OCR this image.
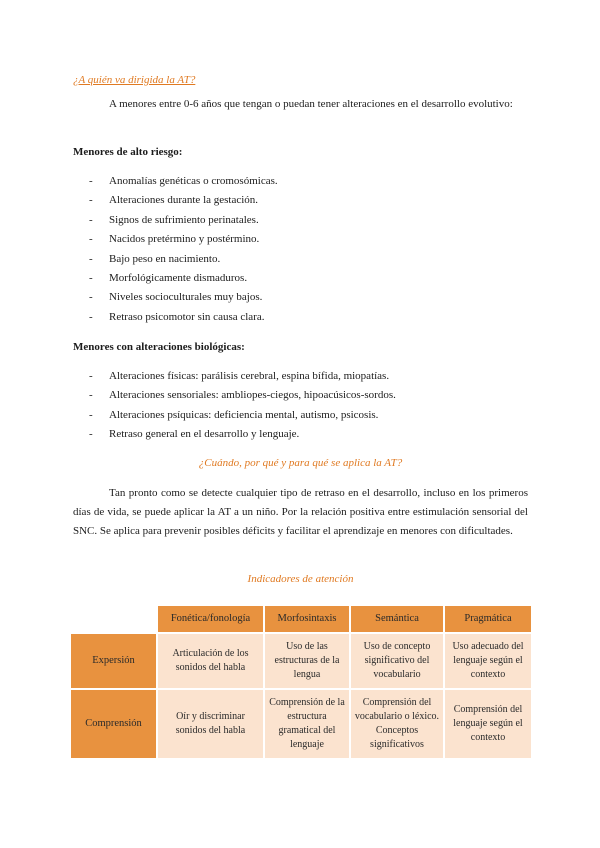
¿A quién va dirigida la AT?

A menores entre 0-6 años que tengan o puedan tener alteraciones en el desarrollo evolutivo:

Menores de alto riesgo:

- Anomalías genéticas o cromosómicas.
- Alteraciones durante la gestación.
- Signos de sufrimiento perinatales.
- Nacidos pretérmino y postérmino.
- Bajo peso en nacimiento.
- Morfológicamente dismaduros.
- Niveles socioculturales muy bajos.
- Retraso psicomotor sin causa clara.

Menores con alteraciones biológicas:

- Alteraciones físicas: parálisis cerebral, espina bífida, miopatías.
- Alteraciones sensoriales: ambliopes-ciegos, hipoacúsicos-sordos.
- Alteraciones psíquicas: deficiencia mental, autismo, psicosis.
- Retraso general en el desarrollo y lenguaje.

¿Cuándo, por qué y para qué se aplica la AT?

Tan pronto como se detecte cualquier tipo de retraso en el desarrollo, incluso en los primeros días de vida, se puede aplicar la AT a un niño. Por la relación positiva entre estimulación sensorial del SNC. Se aplica para prevenir posibles déficits y facilitar el aprendizaje en menores con dificultades.

Indicadores de atención

	Fonética/fonología	Morfosintaxis	Semántica	Pragmática
Expersión	Articulación de los sonidos del habla	Uso de las estructuras de la lengua	Uso de concepto significativo del vocabulario	Uso adecuado del lenguaje según el contexto
Comprensión	Oír y discriminar sonidos del habla	Comprensión de la estructura gramatical del lenguaje	Comprensión del vocabulario o léxico. Conceptos significativos	Comprensión del lenguaje según el contexto
